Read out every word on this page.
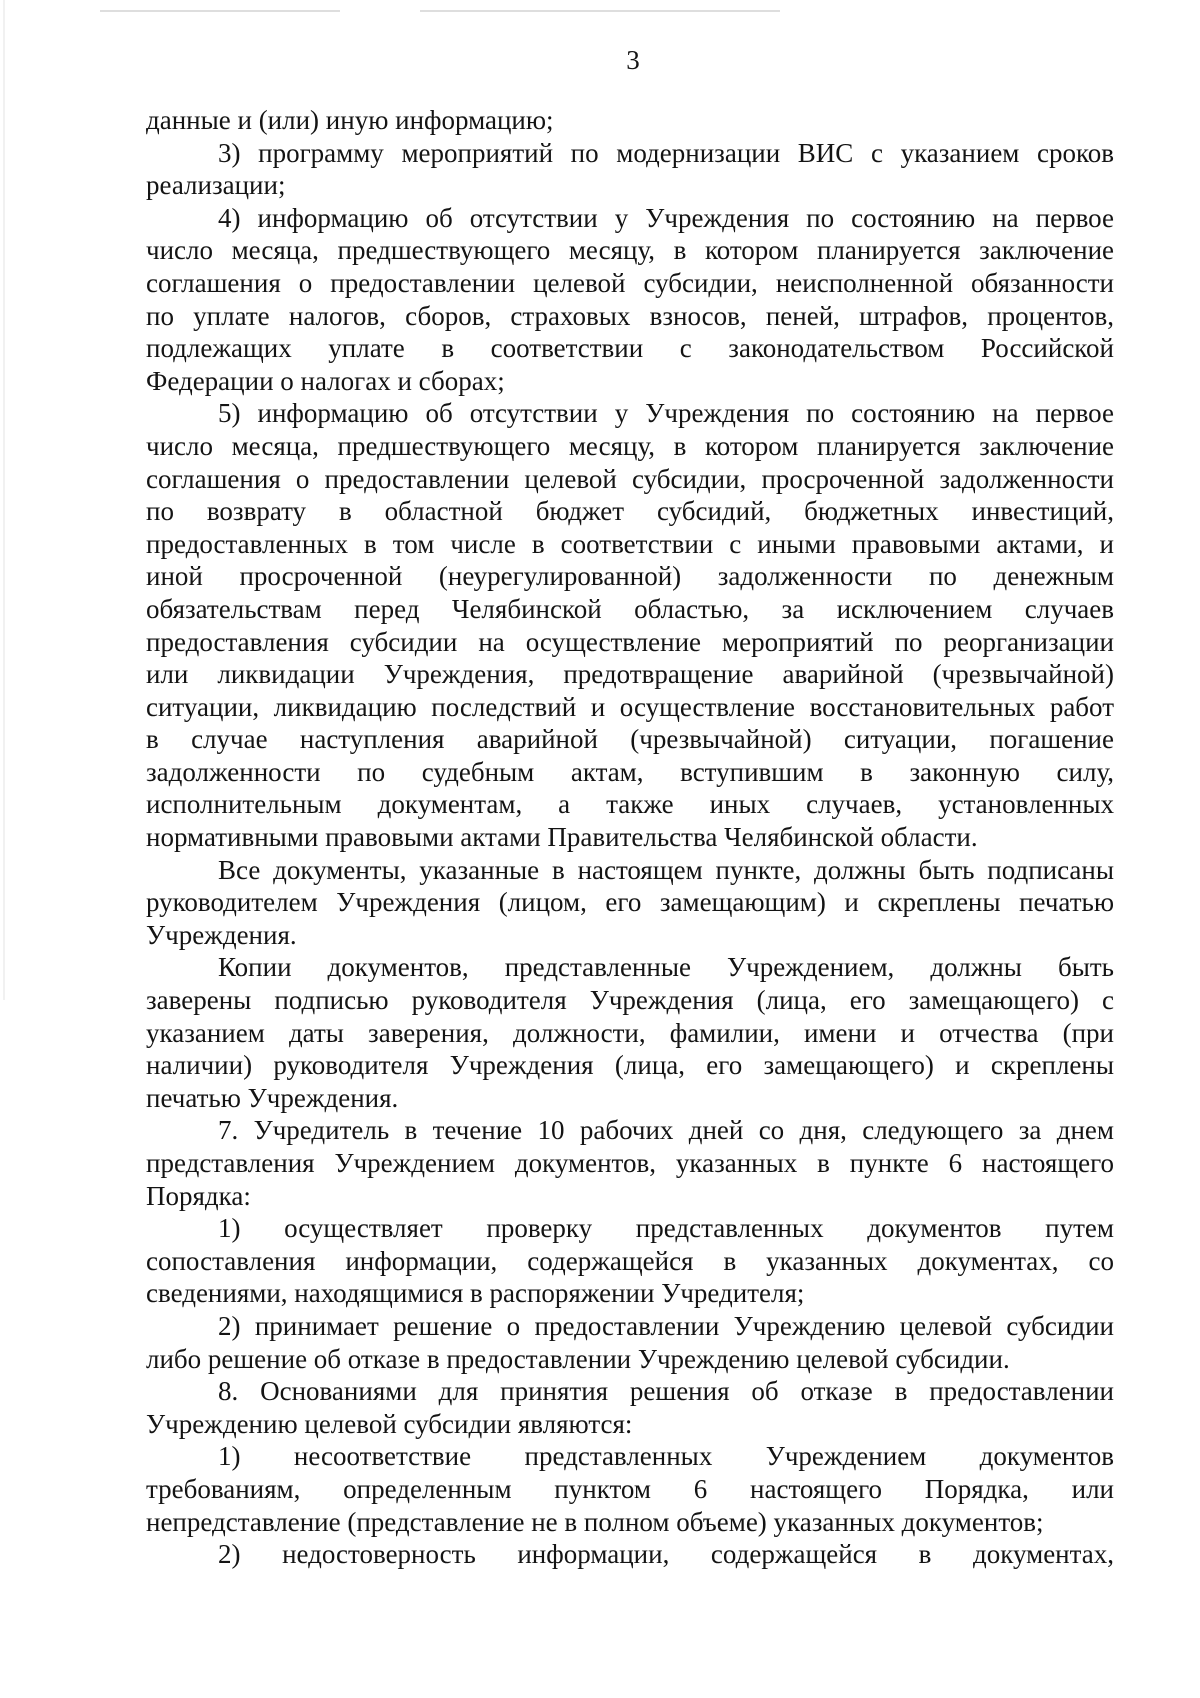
3
данные и (или) иную информацию;
3) программу мероприятий по модернизации ВИС с указанием сроков
реализации;
4) информацию об отсутствии у Учреждения по состоянию на первое
число месяца, предшествующего месяцу, в котором планируется заключение
соглашения о предоставлении целевой субсидии, неисполненной обязанности
по уплате налогов, сборов, страховых взносов, пеней, штрафов, процентов,
подлежащих уплате в соответствии с законодательством Российской
Федерации о налогах и сборах;
5) информацию об отсутствии у Учреждения по состоянию на первое
число месяца, предшествующего месяцу, в котором планируется заключение
соглашения о предоставлении целевой субсидии, просроченной задолженности
по возврату в областной бюджет субсидий, бюджетных инвестиций,
предоставленных в том числе в соответствии с иными правовыми актами, и
иной просроченной (неурегулированной) задолженности по денежным
обязательствам перед Челябинской областью, за исключением случаев
предоставления субсидии на осуществление мероприятий по реорганизации
или ликвидации Учреждения, предотвращение аварийной (чрезвычайной)
ситуации, ликвидацию последствий и осуществление восстановительных работ
в случае наступления аварийной (чрезвычайной) ситуации, погашение
задолженности по судебным актам, вступившим в законную силу,
исполнительным документам, а также иных случаев, установленных
нормативными правовыми актами Правительства Челябинской области.
Все документы, указанные в настоящем пункте, должны быть подписаны
руководителем Учреждения (лицом, его замещающим) и скреплены печатью
Учреждения.
Копии документов, представленные Учреждением, должны быть
заверены подписью руководителя Учреждения (лица, его замещающего) с
указанием даты заверения, должности, фамилии, имени и отчества (при
наличии) руководителя Учреждения (лица, его замещающего) и скреплены
печатью Учреждения.
7. Учредитель в течение 10 рабочих дней со дня, следующего за днем
представления Учреждением документов, указанных в пункте 6 настоящего
Порядка:
1) осуществляет проверку представленных документов путем
сопоставления информации, содержащейся в указанных документах, со
сведениями, находящимися в распоряжении Учредителя;
2) принимает решение о предоставлении Учреждению целевой субсидии
либо решение об отказе в предоставлении Учреждению целевой субсидии.
8. Основаниями для принятия решения об отказе в предоставлении
Учреждению целевой субсидии являются:
1) несоответствие представленных Учреждением документов
требованиям, определенным пунктом 6 настоящего Порядка, или
непредставление (представление не в полном объеме) указанных документов;
2) недостоверность информации, содержащейся в документах,
